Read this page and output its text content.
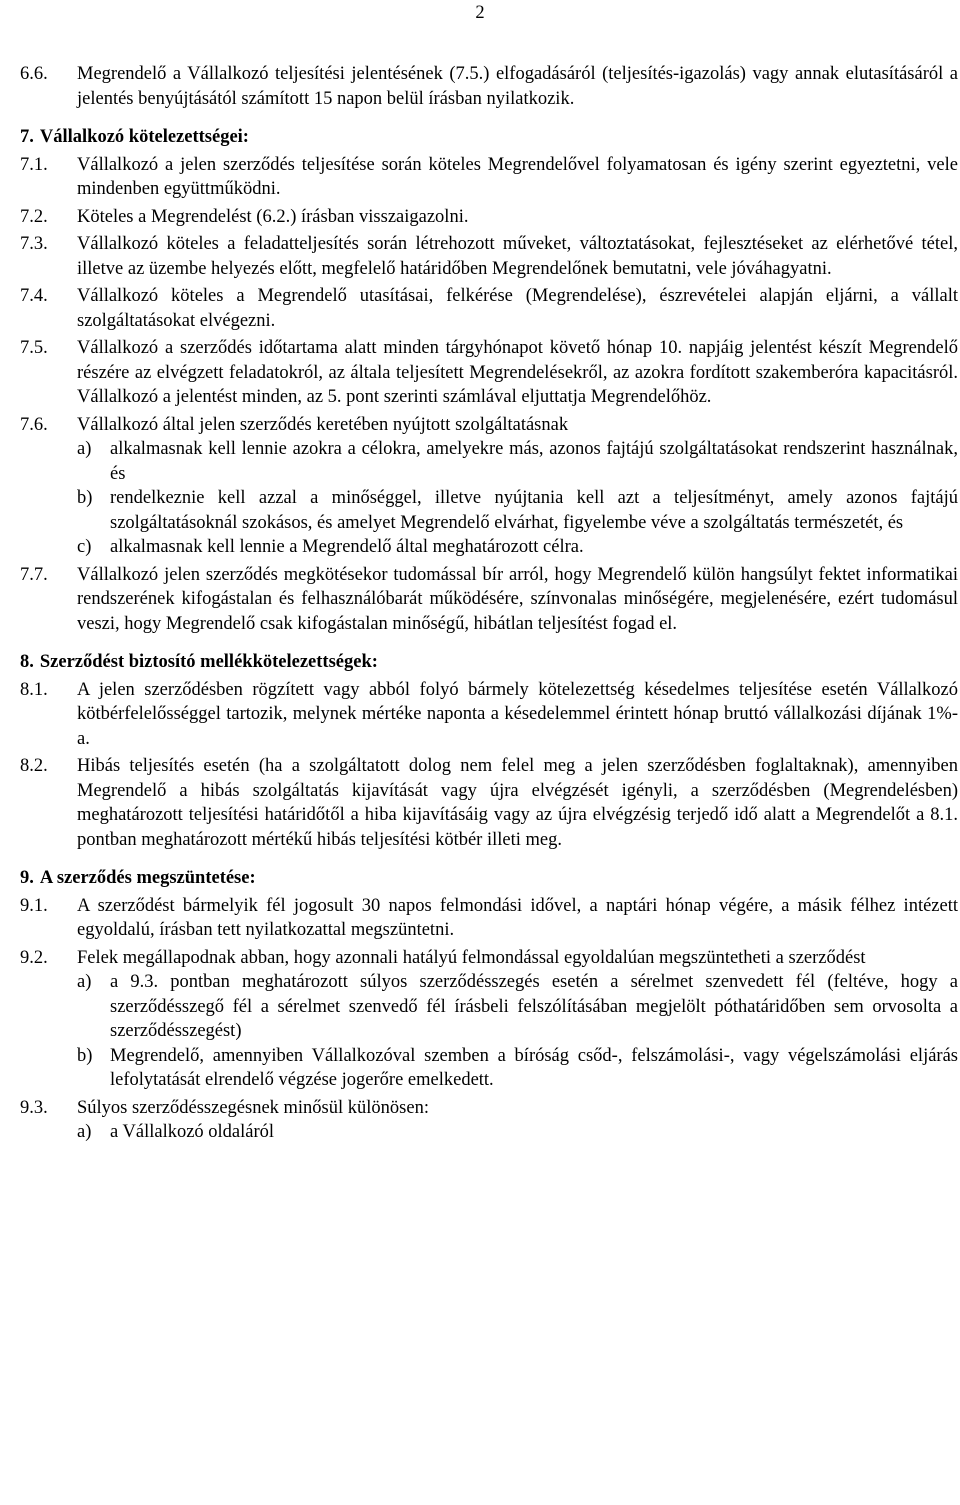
2
6.6.	Megrendelő a Vállalkozó teljesítési jelentésének (7.5.) elfogadásáról (teljesítés-igazolás) vagy annak elutasításáról a jelentés benyújtásától számított 15 napon belül írásban nyilatkozik.
7. Vállalkozó kötelezettségei:
7.1.	Vállalkozó a jelen szerződés teljesítése során köteles Megrendelővel folyamatosan és igény szerint egyeztetni, vele mindenben együttműködni.
7.2.	Köteles a Megrendelést (6.2.) írásban visszaigazolni.
7.3.	Vállalkozó köteles a feladatteljesítés során létrehozott műveket, változtatásokat, fejlesztéseket az elérhetővé tétel, illetve az üzembe helyezés előtt, megfelelő határidőben Megrendelőnek bemutatni, vele jóváhagyatni.
7.4.	Vállalkozó köteles a Megrendelő utasításai, felkérése (Megrendelése), észrevételei alapján eljárni, a vállalt szolgáltatásokat elvégezni.
7.5.	Vállalkozó a szerződés időtartama alatt minden tárgyhónapot követő hónap 10. napjáig jelentést készít Megrendelő részére az elvégzett feladatokról, az általa teljesített Megrendelésekről, az azokra fordított szakemberóra kapacitásról. Vállalkozó a jelentést minden, az 5. pont szerinti számlával eljuttatja Megrendelőhöz.
7.6.	Vállalkozó által jelen szerződés keretében nyújtott szolgáltatásnak
a)	alkalmasnak kell lennie azokra a célokra, amelyekre más, azonos fajtájú szolgáltatásokat rendszerint használnak, és
b) rendelkeznie kell azzal a minőséggel, illetve nyújtania kell azt a teljesítményt, amely azonos fajtájú szolgáltatásoknál szokásos, és amelyet Megrendelő elvárhat, figyelembe véve a szolgáltatás természetét, és
c)	alkalmasnak kell lennie a Megrendelő által meghatározott célra.
7.7.	Vállalkozó jelen szerződés megkötésekor tudomással bír arról, hogy Megrendelő külön hangsúlyt fektet informatikai rendszerének kifogástalan és felhasználóbarát működésére, színvonalas minőségére, megjelenésére, ezért tudomásul veszi, hogy Megrendelő csak kifogástalan minőségű, hibátlan teljesítést fogad el.
8. Szerződést biztosító mellékkötelezettségek:
8.1.	A jelen szerződésben rögzített vagy abból folyó bármely kötelezettség késedelmes teljesítése esetén Vállalkozó kötbérfelelősséggel tartozik, melynek mértéke naponta a késedelemmel érintett hónap bruttó vállalkozási díjának 1%-a.
8.2.	Hibás teljesítés esetén (ha a szolgáltatott dolog nem felel meg a jelen szerződésben foglaltaknak), amennyiben Megrendelő a hibás szolgáltatás kijavítását vagy újra elvégzését igényli, a szerződésben (Megrendelésben) meghatározott teljesítési határidőtől a hiba kijavításáig vagy az újra elvégzésig terjedő idő alatt a Megrendelőt a 8.1. pontban meghatározott mértékű hibás teljesítési kötbér illeti meg.
9. A szerződés megszüntetése:
9.1.	A szerződést bármelyik fél jogosult 30 napos felmondási idővel, a naptári hónap végére, a másik félhez intézett egyoldalú, írásban tett nyilatkozattal megszüntetni.
9.2.	Felek megállapodnak abban, hogy azonnali hatályú felmondással egyoldalúan megszüntetheti a szerződést
a)	a 9.3. pontban meghatározott súlyos szerződésszegés esetén a sérelmet szenvedett fél (feltéve, hogy a szerződésszegő fél a sérelmet szenvedő fél írásbeli felszólításában megjelölt póthatáridőben sem orvosolta a szerződésszegést)
b) Megrendelő, amennyiben Vállalkozóval szemben a bíróság csőd-, felszámolási-, vagy végelszámolási eljárás lefolytatását elrendelő végzése jogerőre emelkedett.
9.3.	Súlyos szerződésszegésnek minősül különösen:
a)	a Vállalkozó oldaláról
